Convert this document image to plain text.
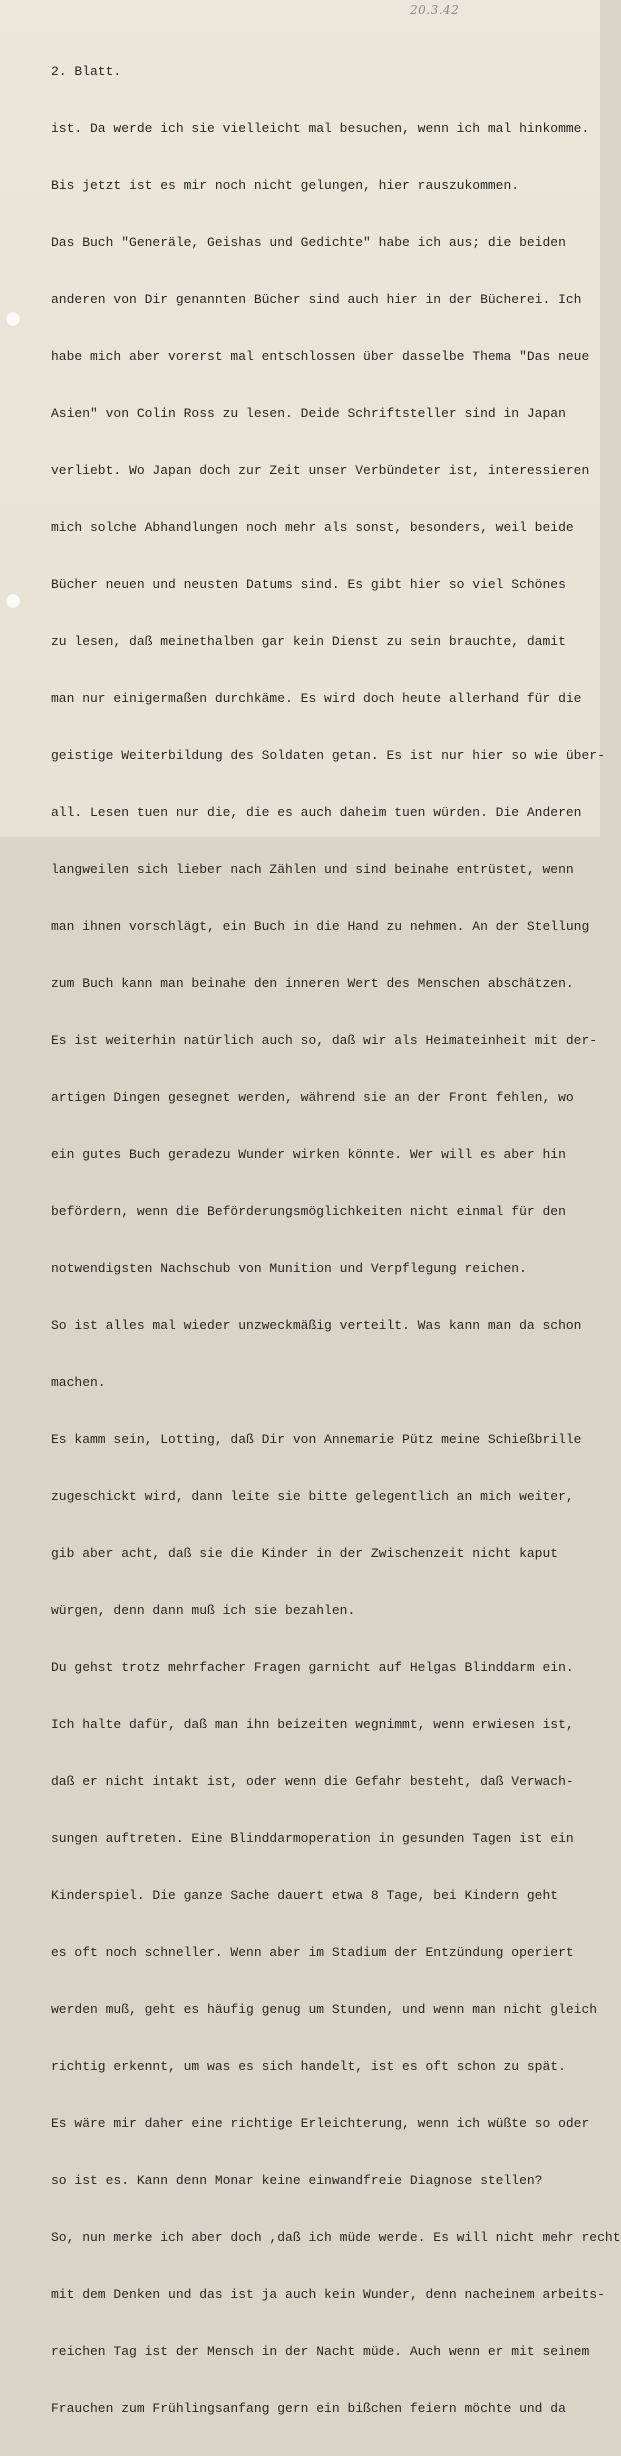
20.3.42

2. Blatt.

ist. Da werde ich sie vielleicht mal besuchen, wenn ich mal hinkomme.

Bis jetzt ist es mir noch nicht gelungen, hier rauszukommen.

Das Buch "Generäle, Geishas und Gedichte" habe ich aus; die beiden

anderen von Dir genannten Bücher sind auch hier in der Bücherei. Ich

habe mich aber vorerst mal entschlossen über dasselbe Thema "Das neue

Asien" von Colin Ross zu lesen. Deide Schriftsteller sind in Japan

verliebt. Wo Japan doch zur Zeit unser Verbündeter ist, interessieren

mich solche Abhandlungen noch mehr als sonst, besonders, weil beide

Bücher neuen und neusten Datums sind. Es gibt hier so viel Schönes

zu lesen, daß meinethalben gar kein Dienst zu sein brauchte, damit

man nur einigermaßen durchkäme. Es wird doch heute allerhand für die

geistige Weiterbildung des Soldaten getan. Es ist nur hier so wie über-

all. Lesen tuen nur die, die es auch daheim tuen würden. Die Anderen

langweilen sich lieber nach Zählen und sind beinahe entrüstet, wenn

man ihnen vorschlägt, ein Buch in die Hand zu nehmen. An der Stellung

zum Buch kann man beinahe den inneren Wert des Menschen abschätzen.

Es ist weiterhin natürlich auch so, daß wir als Heimateinheit mit der-

artigen Dingen gesegnet werden, während sie an der Front fehlen, wo

ein gutes Buch geradezu Wunder wirken könnte. Wer will es aber hin

befördern, wenn die Beförderungsmöglichkeiten nicht einmal für den

notwendigsten Nachschub von Munition und Verpflegung reichen.

So ist alles mal wieder unzweckmäßig verteilt. Was kann man da schon

machen.

Es kamm sein, Lotting, daß Dir von Annemarie Pütz meine Schießbrille

zugeschickt wird, dann leite sie bitte gelegentlich an mich weiter,

gib aber acht, daß sie die Kinder in der Zwischenzeit nicht kaput

würgen, denn dann muß ich sie bezahlen.

Du gehst trotz mehrfacher Fragen garnicht auf Helgas Blinddarm ein.

Ich halte dafür, daß man ihn beizeiten wegnimmt, wenn erwiesen ist,

daß er nicht intakt ist, oder wenn die Gefahr besteht, daß Verwach-

sungen auftreten. Eine Blinddarmoperation in gesunden Tagen ist ein

Kinderspiel. Die ganze Sache dauert etwa 8 Tage, bei Kindern geht

es oft noch schneller. Wenn aber im Stadium der Entzündung operiert

werden muß, geht es häufig genug um Stunden, und wenn man nicht gleich

richtig erkennt, um was es sich handelt, ist es oft schon zu spät.

Es wäre mir daher eine richtige Erleichterung, wenn ich wüßte so oder

so ist es. Kann denn Monar keine einwandfreie Diagnose stellen?

So, nun merke ich aber doch ,daß ich müde werde. Es will nicht mehr recht

mit dem Denken und das ist ja auch kein Wunder, denn nacheinem arbeits-

reichen Tag ist der Mensch in der Nacht müde. Auch wenn er mit seinem

Frauchen zum Frühlingsanfang gern ein bißchen feiern möchte und da
